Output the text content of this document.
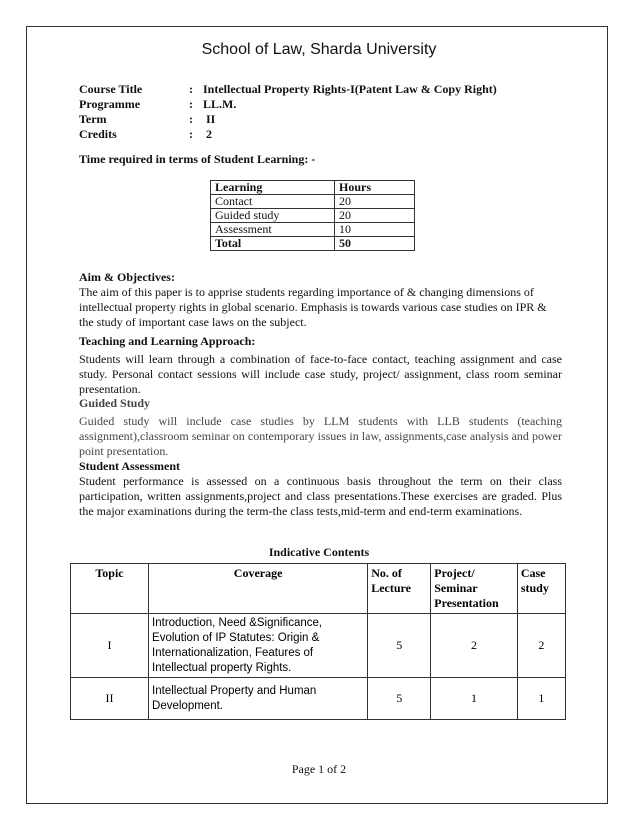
School of Law, Sharda University
Course Title	: Intellectual Property Rights-I(Patent Law & Copy Right)
Programme	: LL.M.
Term	: II
Credits	: 2
Time required in terms of Student Learning: -
Learning	Hours
Contact	20
Guided study	20
Assessment	10
Total	50
Aim & Objectives:
The aim of this paper is to apprise students regarding importance of & changing dimensions of intellectual property rights in global scenario. Emphasis is towards various case studies on IPR & the study of important case laws on the subject.
Teaching and Learning Approach:
Students will learn through a combination of face-to-face contact, teaching assignment and case study. Personal contact sessions will include case study, project/ assignment, class room seminar presentation.
Guided Study
Guided study will include case studies by LLM students with LLB students (teaching assignment),classroom seminar on contemporary issues in law, assignments,case analysis and power point presentation.
Student Assessment
Student performance is assessed on a continuous basis throughout the term on their class participation, written assignments,project and class presentations.These exercises are graded. Plus the major examinations during the term-the class tests,mid-term and end-term examinations.
Indicative Contents
Topic	Coverage	No. of Lecture	Project/ Seminar Presentation	Case study
I	Introduction, Need &Significance, Evolution of IP Statutes: Origin & Internationalization, Features of Intellectual property Rights.	5	2	2
II	Intellectual Property and Human Development.	5	1	1
Page 1 of 2
